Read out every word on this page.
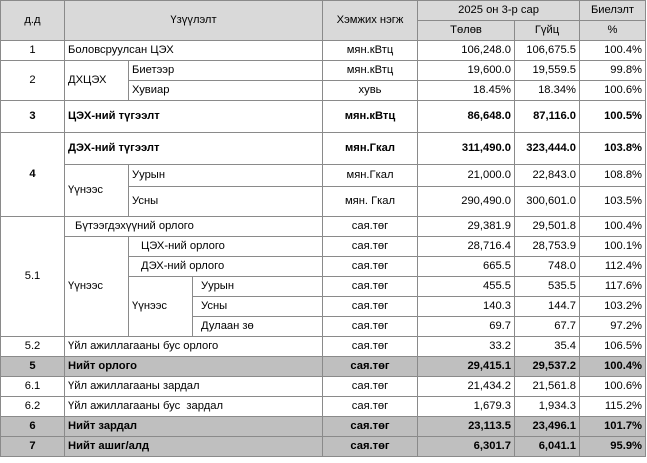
д.д	Үзүүлэлт			Хэмжих нэгж	2025 он 3-р сар		Биелэлт	
					Төлөв	Гүйц	%	
1	Боловсруулсан ЦЭХ			мян.кВтц	106,248.0	106,675.5	100.4%	
2	ДХЦЭХ	Биетээр		мян.кВтц	19,600.0	19,559.5	99.8%	
		Хувиар		хувь	18.45%	18.34%	100.6%	
3	ЦЭХ-ний түгээлт			мян.кВтц	86,648.0	87,116.0	100.5%	
4	ДЭХ-ний түгээлт			мян.Гкал	311,490.0	323,444.0	103.8%	
	Үүнээс	Уурын		мян.Гкал	21,000.0	22,843.0	108.8%	
		Усны		мян. Гкал	290,490.0	300,601.0	103.5%	
5.1	Бүтээгдэхүүний орлого			сая.төг	29,381.9	29,501.8	100.4%	
	Үүнээс	ЦЭХ-ний орлого		сая.төг	28,716.4	28,753.9	100.1%	
		ДЭХ-ний орлого		сая.төг	665.5	748.0	112.4%	
		Үүнээс	Уурын	сая.төг	455.5	535.5	117.6%	
			Усны	сая.төг	140.3	144.7	103.2%	
			Дулаан зө	сая.төг	69.7	67.7	97.2%	
5.2	Үйл ажиллагааны бус орлого			сая.төг	33.2	35.4	106.5%	
5	Нийт орлого			сая.төг	29,415.1	29,537.2	100.4%	
6.1	Үйл ажиллагааны зардал			сая.төг	21,434.2	21,561.8	100.6%	
6.2	Үйл ажиллагааны бус  зардал			сая.төг	1,679.3	1,934.3	115.2%	
6	Нийт зардал			сая.төг	23,113.5	23,496.1	101.7%	
7	Нийт ашиг/алд			сая.төг	6,301.7	6,041.1	95.9%	
